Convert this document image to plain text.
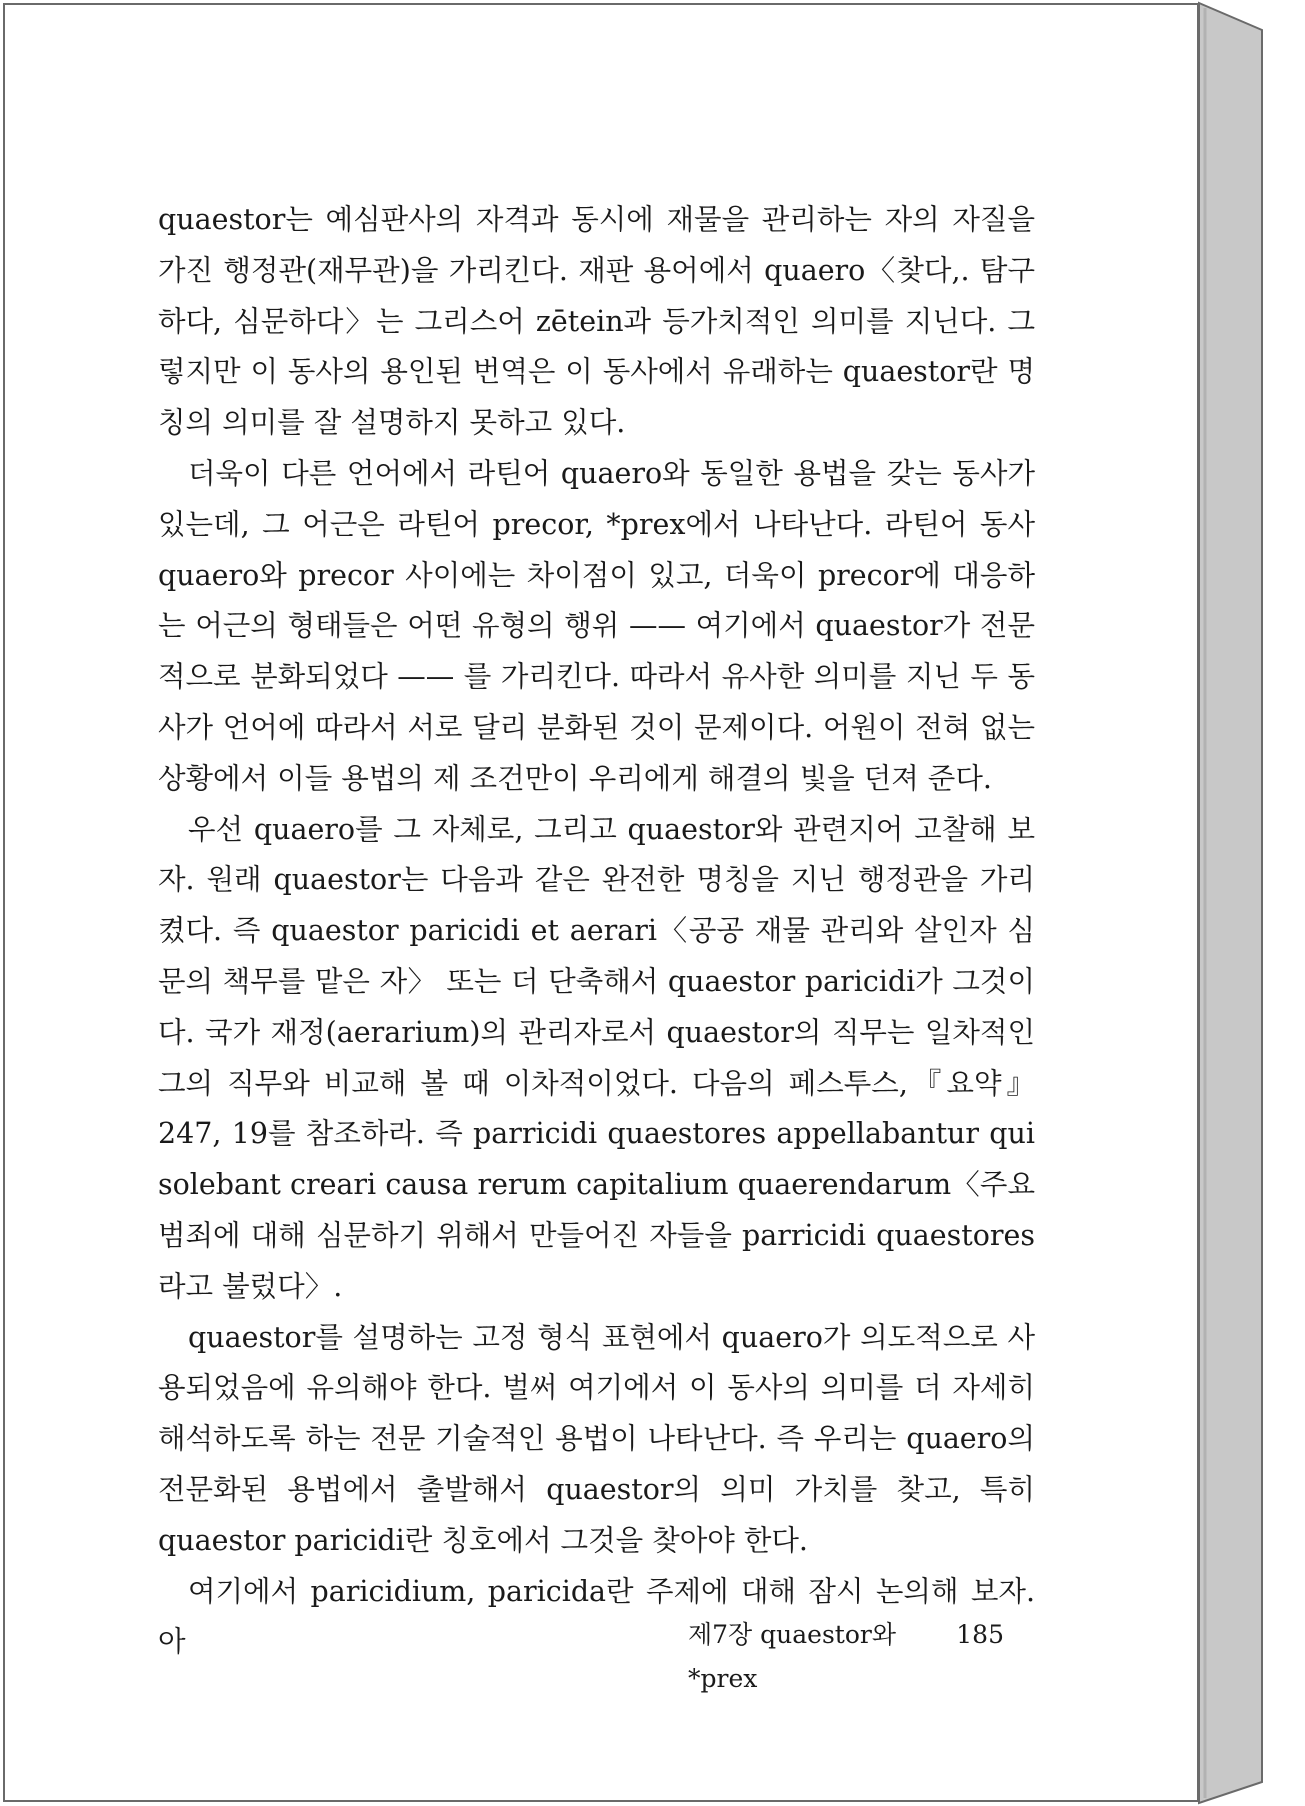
quaestor는 예심판사의 자격과 동시에 재물을 관리하는 자의 자질을 가진 행정관(재무관)을 가리킨다. 재판 용어에서 quaero〈찾다,. 탐구하다, 심문하다〉는 그리스어 zētein과 등가치적인 의미를 지닌다. 그렇지만 이 동사의 용인된 번역은 이 동사에서 유래하는 quaestor란 명칭의 의미를 잘 설명하지 못하고 있다.

더욱이 다른 언어에서 라틴어 quaero와 동일한 용법을 갖는 동사가 있는데, 그 어근은 라틴어 precor, *prex에서 나타난다. 라틴어 동사 quaero와 precor 사이에는 차이점이 있고, 더욱이 precor에 대응하는 어근의 형태들은 어떤 유형의 행위 —— 여기에서 quaestor가 전문적으로 분화되었다 —— 를 가리킨다. 따라서 유사한 의미를 지닌 두 동사가 언어에 따라서 서로 달리 분화된 것이 문제이다. 어원이 전혀 없는 상황에서 이들 용법의 제 조건만이 우리에게 해결의 빛을 던져 준다.

우선 quaero를 그 자체로, 그리고 quaestor와 관련지어 고찰해 보자. 원래 quaestor는 다음과 같은 완전한 명칭을 지닌 행정관을 가리켰다. 즉 quaestor paricidi et aerari〈공공 재물 관리와 살인자 심문의 책무를 맡은 자〉 또는 더 단축해서 quaestor paricidi가 그것이다. 국가 재정(aerarium)의 관리자로서 quaestor의 직무는 일차적인 그의 직무와 비교해 볼 때 이차적이었다. 다음의 페스투스,『요약』247, 19를 참조하라. 즉 parricidi quaestores appellabantur qui solebant creari causa rerum capitalium quaerendarum〈주요 범죄에 대해 심문하기 위해서 만들어진 자들을 parricidi quaestores라고 불렀다〉.

quaestor를 설명하는 고정 형식 표현에서 quaero가 의도적으로 사용되었음에 유의해야 한다. 벌써 여기에서 이 동사의 의미를 더 자세히 해석하도록 하는 전문 기술적인 용법이 나타난다. 즉 우리는 quaero의 전문화된 용법에서 출발해서 quaestor의 의미 가치를 찾고, 특히 quaestor paricidi란 칭호에서 그것을 찾아야 한다.

여기에서 paricidium, paricida란 주제에 대해 잠시 논의해 보자. 아	제7장 quaestor와 *prex
185
